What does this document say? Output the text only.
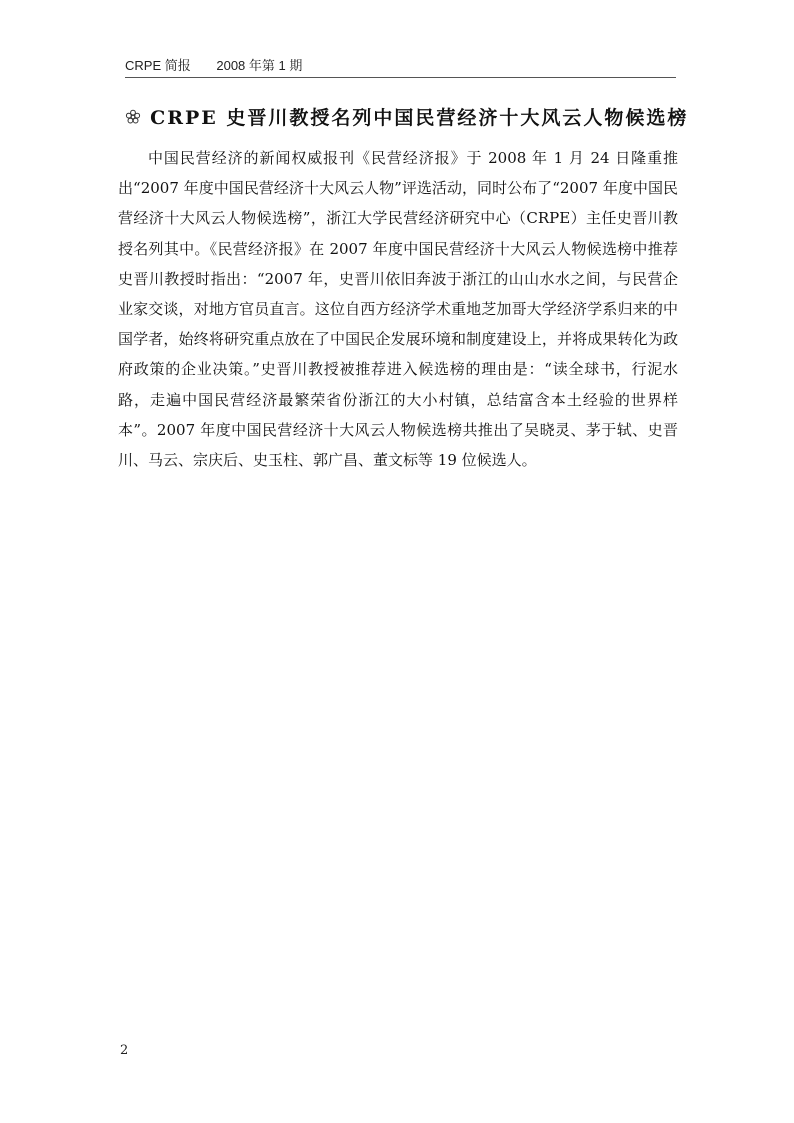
CRPE 简报 2008 年第 1 期
CRPE 史晋川教授名列中国民营经济十大风云人物候选榜

中国民营经济的新闻权威报刊《民营经济报》于 2008 年 1 月 24 日隆重推出“2007 年度中国民营经济十大风云人物”评选活动，同时公布了“2007 年度中国民营经济十大风云人物候选榜”，浙江大学民营经济研究中心（CRPE）主任史晋川教授名列其中。《民营经济报》在 2007 年度中国民营经济十大风云人物候选榜中推荐史晋川教授时指出：“2007 年，史晋川依旧奔波于浙江的山山水水之间，与民营企业家交谈，对地方官员直言。这位自西方经济学术重地芝加哥大学经济学系归来的中国学者，始终将研究重点放在了中国民企发展环境和制度建设上，并将成果转化为政府政策的企业决策。”史晋川教授被推荐进入候选榜的理由是：“读全球书，行泥水路，走遍中国民营经济最繁荣省份浙江的大小村镇，总结富含本土经验的世界样本”。2007 年度中国民营经济十大风云人物候选榜共推出了吴晓灵、茅于轼、史晋川、马云、宗庆后、史玉柱、郭广昌、董文标等 19 位候选人。

2
